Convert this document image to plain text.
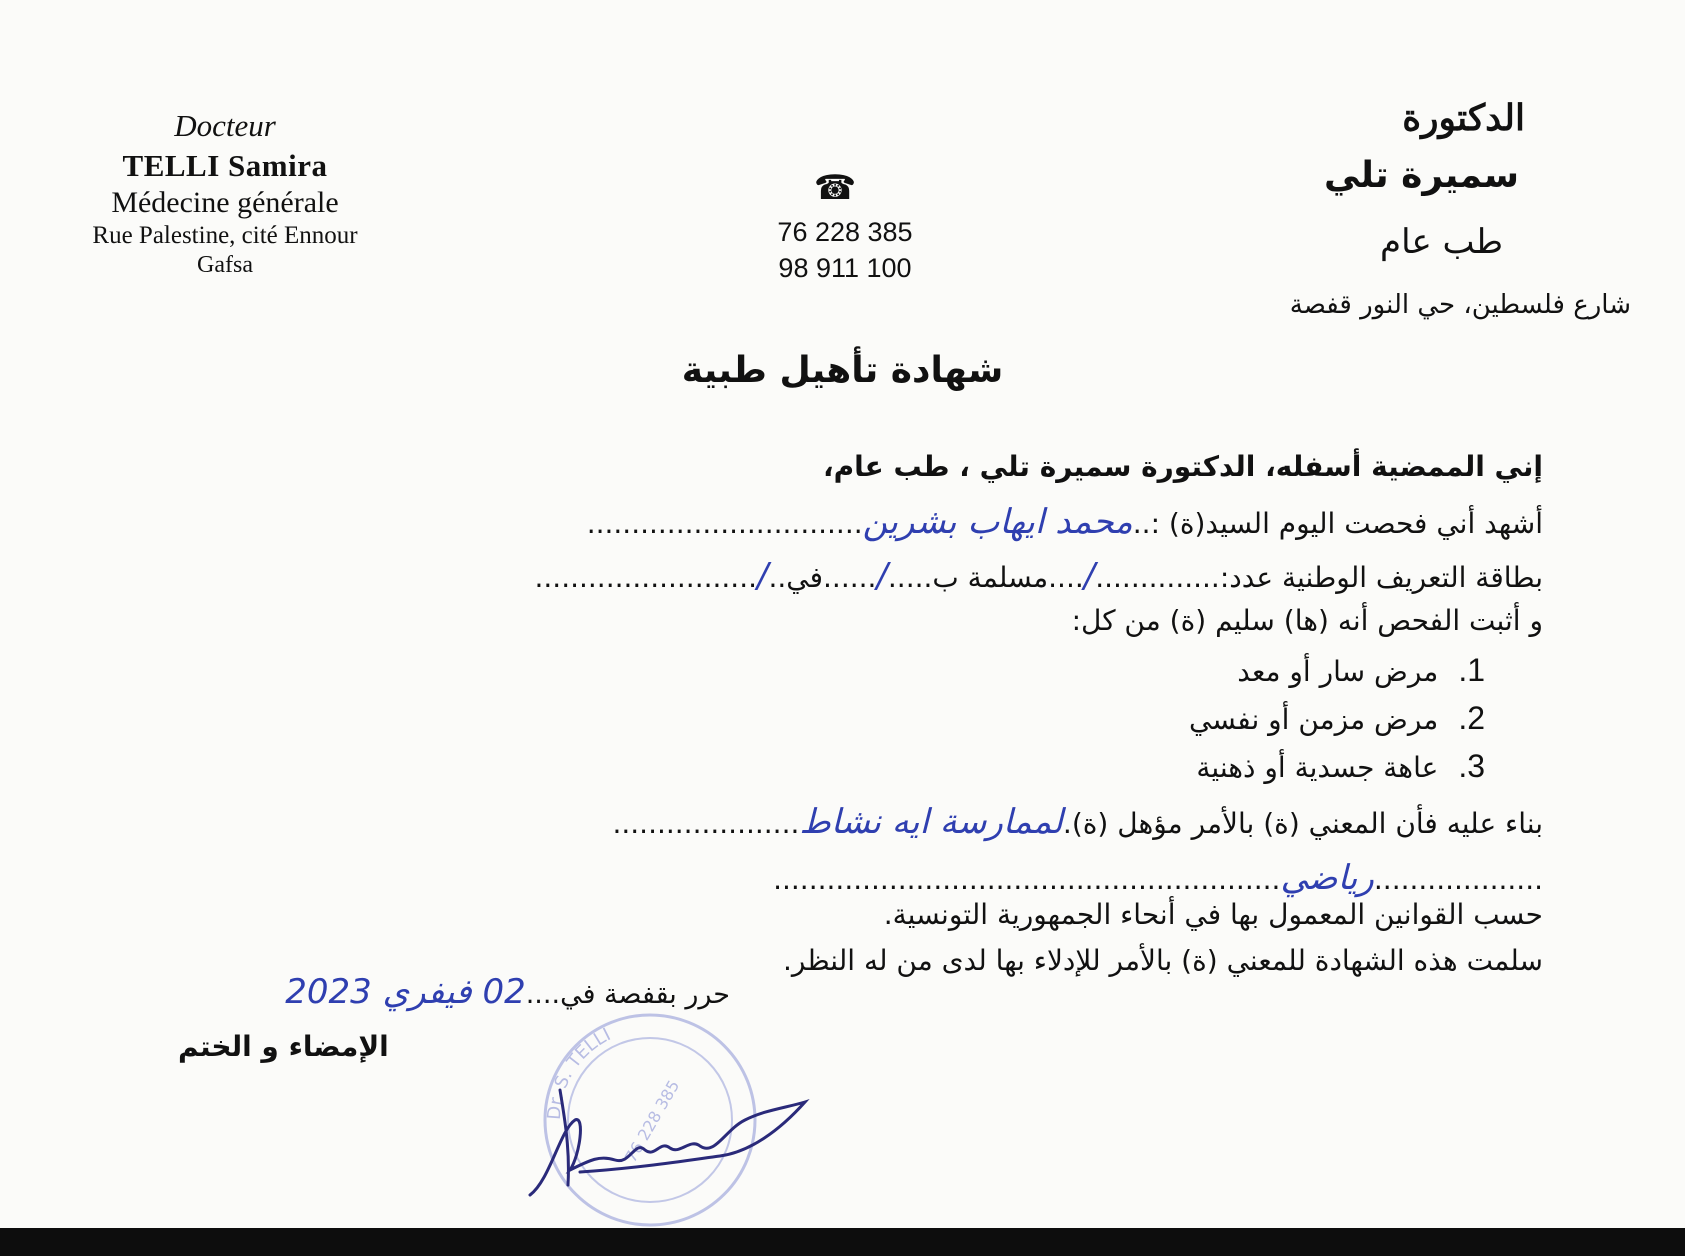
Docteur
TELLI Samira
Médecine générale
Rue Palestine, cité Ennour
Gafsa
☎
76 228 385
98 911 100
الدكتورة
سميرة تلي
طب عام
شارع فلسطين، حي النور قفصة
شهادة تأهيل طبية
إني الممضية أسفله، الدكتورة سميرة تلي ، طب عام،
أشهد أني فحصت اليوم السيد(ة) :..محمد ايهاب بشرين...............................
بطاقة التعريف الوطنية عدد:............../....مسلمة ب...../......في../.........................
و أثبت الفحص أنه (ها) سليم (ة) من كل:
1.مرض سار أو معد
2.مرض مزمن أو نفسي
3.عاهة جسدية أو ذهنية
بناء عليه فأن المعني (ة) بالأمر مؤهل (ة).لممارسة ايه نشاط.....................
...................رياضي.........................................................
حسب القوانين المعمول بها في أنحاء الجمهورية التونسية.
سلمت هذه الشهادة للمعني (ة) بالأمر للإدلاء بها لدى من له النظر.
حرر بقفصة في....02 فيفري 2023
الإمضاء و الختم
Dr. S. TELLI
76 228 385
